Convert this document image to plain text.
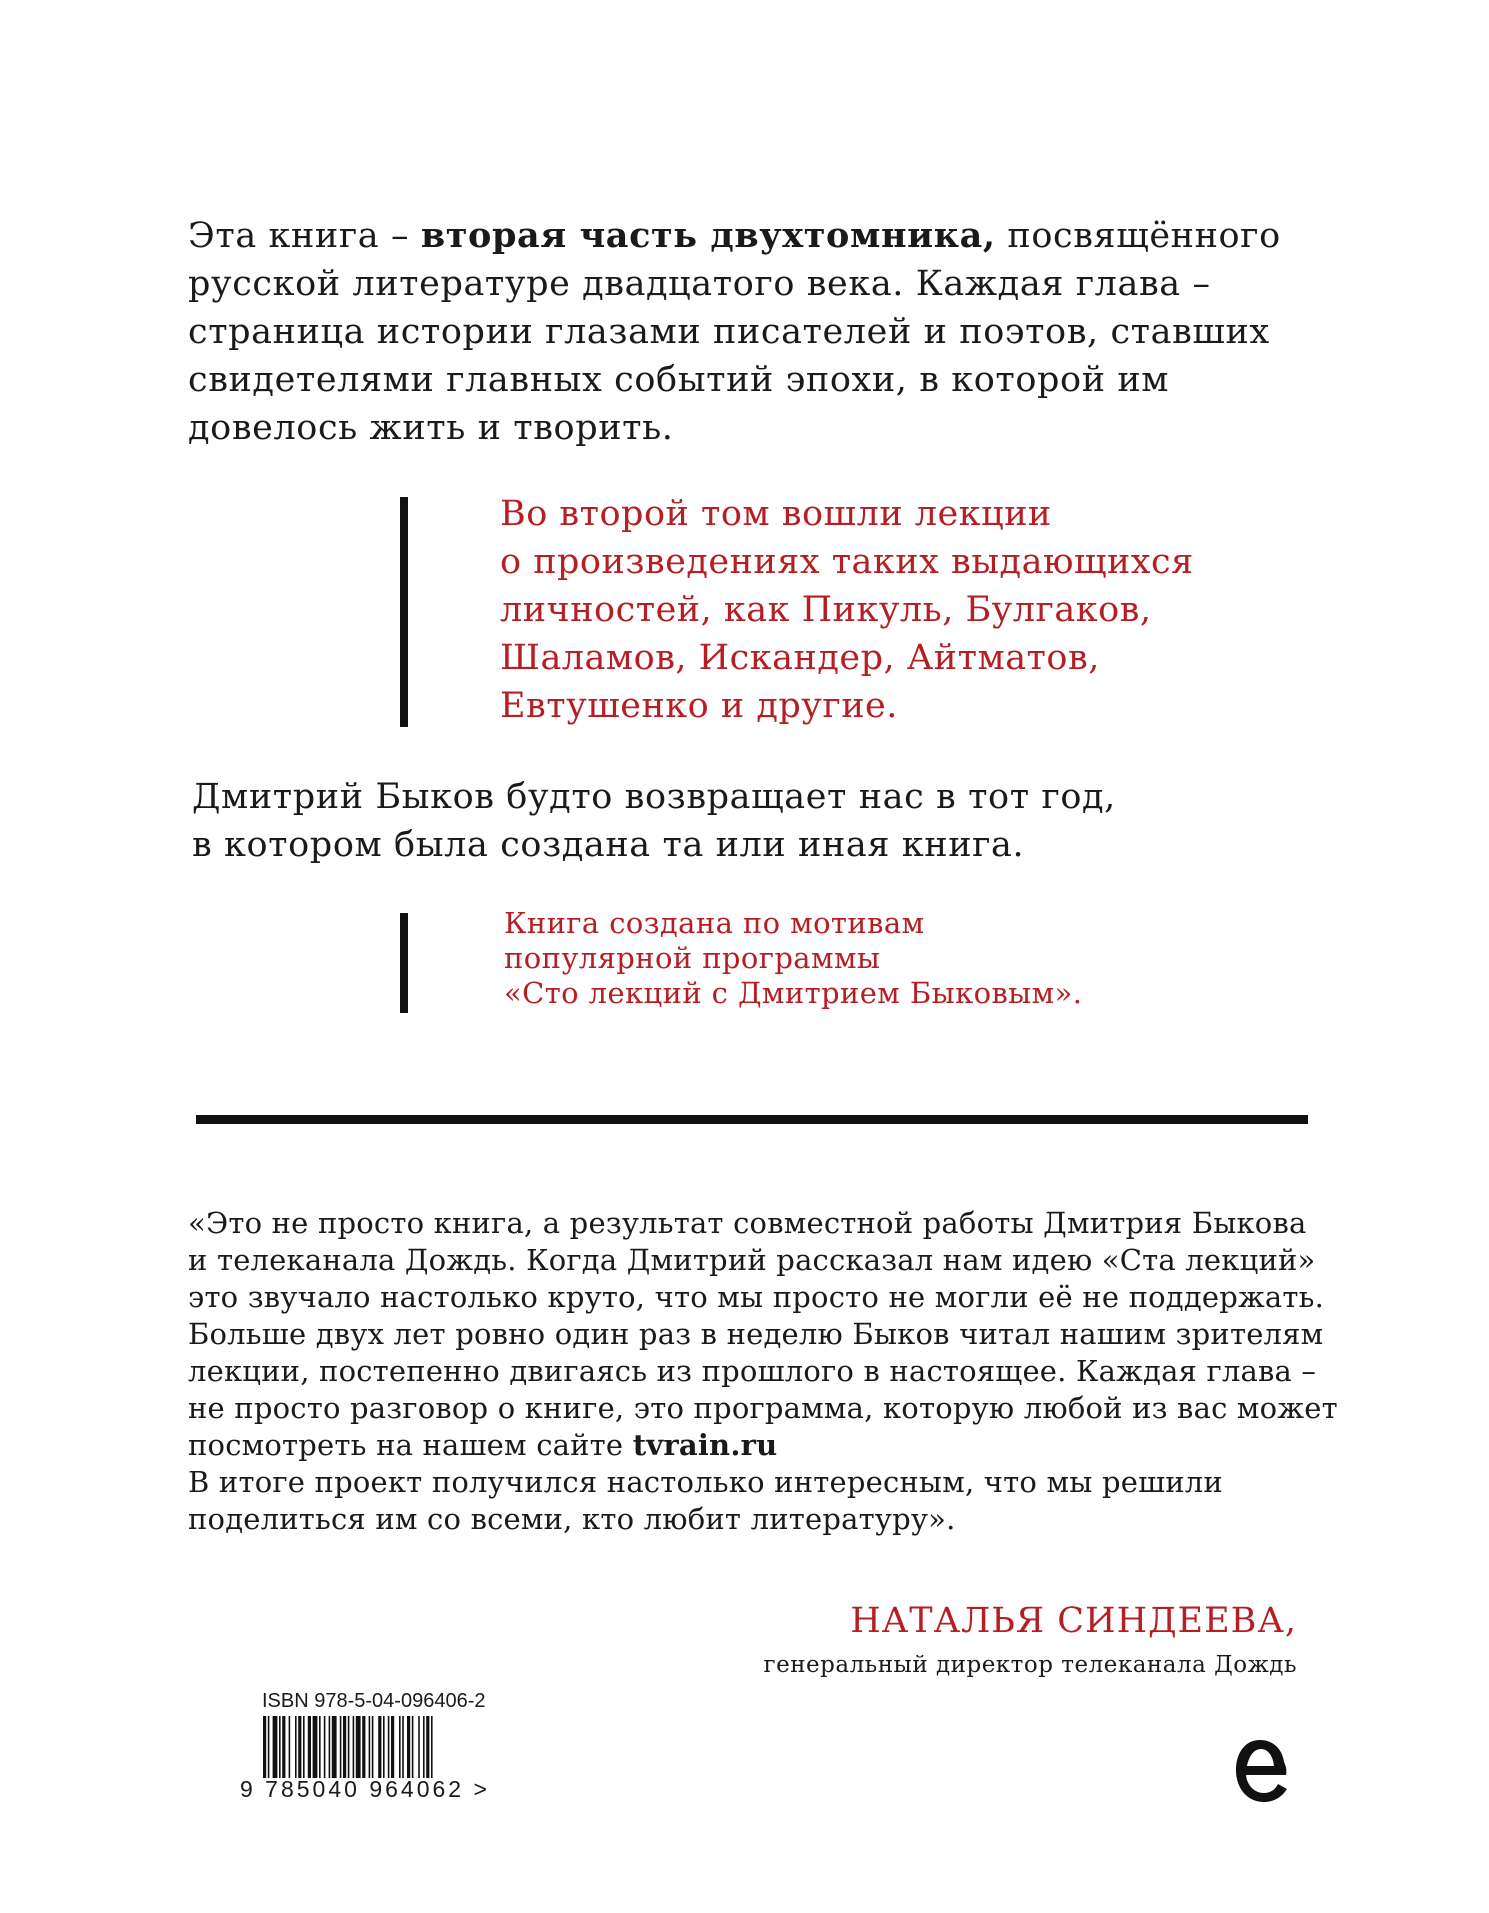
Эта книга – вторая часть двухтомника, посвящённого
русской литературе двадцатого века. Каждая глава –
страница истории глазами писателей и поэтов, ставших
свидетелями главных событий эпохи, в которой им
довелось жить и творить.
Во второй том вошли лекции
о произведениях таких выдающихся
личностей, как Пикуль, Булгаков,
Шаламов, Искандер, Айтматов,
Евтушенко и другие.
Дмитрий Быков будто возвращает нас в тот год,
в котором была создана та или иная книга.
Книга создана по мотивам
популярной программы
«Сто лекций с Дмитрием Быковым».
«Это не просто книга, а результат совместной работы Дмитрия Быкова
и телеканала Дождь. Когда Дмитрий рассказал нам идею «Ста лекций»
это звучало настолько круто, что мы просто не могли её не поддержать.
Больше двух лет ровно один раз в неделю Быков читал нашим зрителям
лекции, постепенно двигаясь из прошлого в настоящее. Каждая глава –
не просто разговор о книге, это программа, которую любой из вас может
посмотреть на нашем сайте tvrain.ru
В итоге проект получился настолько интересным, что мы решили
поделиться им со всеми, кто любит литературу».
НАТАЛЬЯ СИНДЕЕВА,
генеральный директор телеканала Дождь
ISBN 978-5-04-096406-2
9 785040 964062 >
